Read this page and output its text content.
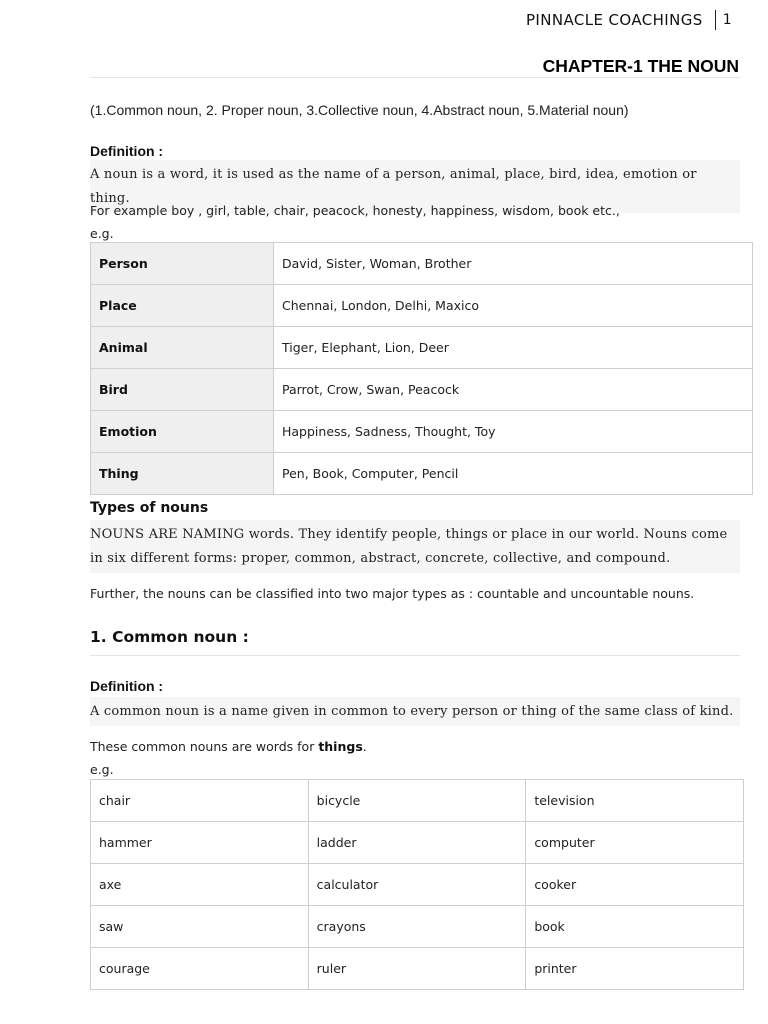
PINNACLE COACHINGS 1
CHAPTER-1 THE NOUN
(1.Common noun, 2. Proper noun, 3.Collective noun, 4.Abstract noun, 5.Material noun)
Definition :
A noun is a word, it is used as the name of a person, animal, place, bird, idea, emotion or thing.
For example boy , girl, table, chair, peacock, honesty, happiness, wisdom, book etc.,
e.g.
Person	David, Sister, Woman, Brother
Place	Chennai, London, Delhi, Maxico
Animal	Tiger, Elephant, Lion, Deer
Bird	Parrot, Crow, Swan, Peacock
Emotion	Happiness, Sadness, Thought, Toy
Thing	Pen, Book, Computer, Pencil
Types of nouns
NOUNS ARE NAMING words. They identify people, things or place in our world. Nouns come in six different forms: proper, common, abstract, concrete, collective, and compound.
Further, the nouns can be classified into two major types as : countable and uncountable nouns.
1. Common noun :
Definition :
A common noun is a name given in common to every person or thing of the same class of kind.
These common nouns are words for things.
e.g.
chair	bicycle	television
hammer	ladder	computer
axe	calculator	cooker
saw	crayons	book
courage	ruler	printer
